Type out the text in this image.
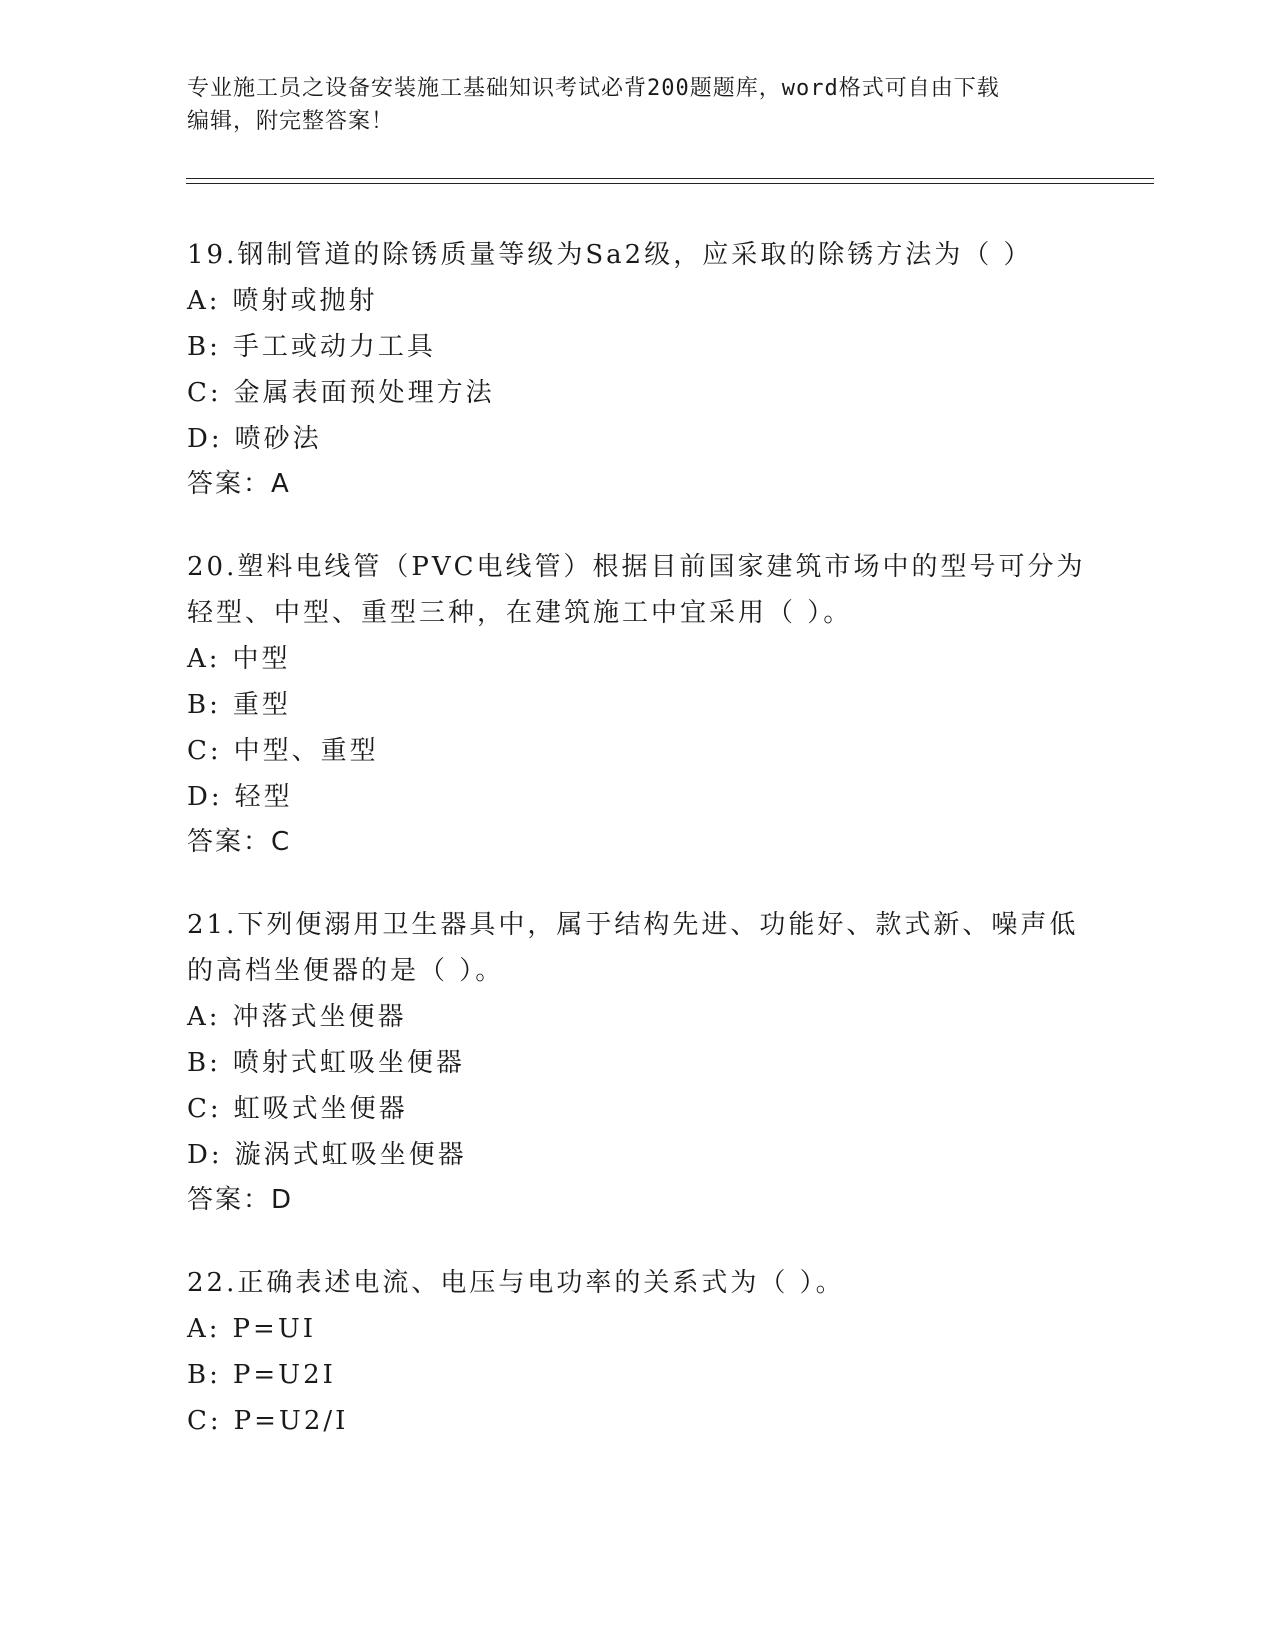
专业施工员之设备安装施工基础知识考试必背200题题库，word格式可自由下载
编辑，附完整答案！

19.钢制管道的除锈质量等级为Sa2级，应采取的除锈方法为（ ）

A: 喷射或抛射

B: 手工或动力工具

C: 金属表面预处理方法

D: 喷砂法

答案：A

20.塑料电线管（PVC电线管）根据目前国家建筑市场中的型号可分为轻型、中型、重型三种，在建筑施工中宜采用（ ）。

A: 中型

B: 重型

C: 中型、重型

D: 轻型

答案：C

21.下列便溺用卫生器具中，属于结构先进、功能好、款式新、噪声低的高档坐便器的是（ ）。

A: 冲落式坐便器

B: 喷射式虹吸坐便器

C: 虹吸式坐便器

D: 漩涡式虹吸坐便器

答案：D

22.正确表述电流、电压与电功率的关系式为（ ）。

A: P=UI

B: P=U2I

C: P=U2/I
